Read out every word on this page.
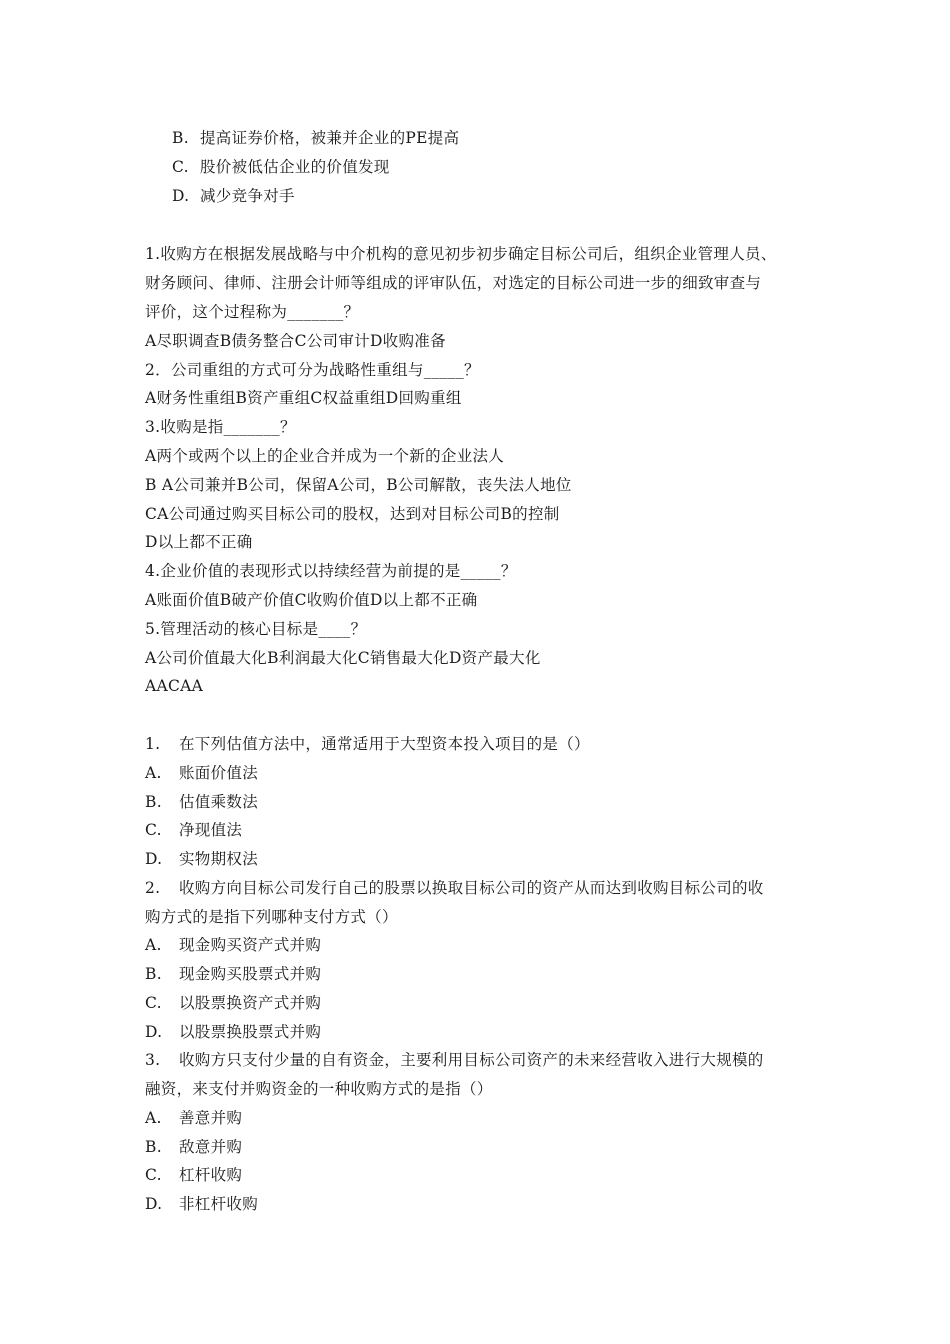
B. 提高证券价格，被兼并企业的PE提高
C. 股价被低估企业的价值发现
D. 减少竞争对手
1.收购方在根据发展战略与中介机构的意见初步初步确定目标公司后，组织企业管理人员、
财务顾问、律师、注册会计师等组成的评审队伍，对选定的目标公司进一步的细致审查与
评价，这个过程称为_______？
A尽职调查B债务整合C公司审计D收购准备
2．公司重组的方式可分为战略性重组与_____？
A财务性重组B资产重组C权益重组D回购重组
3.收购是指_______？
A两个或两个以上的企业合并成为一个新的企业法人
B A公司兼并B公司，保留A公司，B公司解散，丧失法人地位
CA公司通过购买目标公司的股权，达到对目标公司B的控制
D以上都不正确
4.企业价值的表现形式以持续经营为前提的是_____？
A账面价值B破产价值C收购价值D以上都不正确
5.管理活动的核心目标是____？
A公司价值最大化B利润最大化C销售最大化D资产最大化
AACAA
1. 在下列估值方法中，通常适用于大型资本投入项目的是（）
A. 账面价值法
B. 估值乘数法
C. 净现值法
D. 实物期权法
2. 收购方向目标公司发行自己的股票以换取目标公司的资产从而达到收购目标公司的收
购方式的是指下列哪种支付方式（）
A. 现金购买资产式并购
B. 现金购买股票式并购
C. 以股票换资产式并购
D. 以股票换股票式并购
3. 收购方只支付少量的自有资金，主要利用目标公司资产的未来经营收入进行大规模的
融资，来支付并购资金的一种收购方式的是指（）
A. 善意并购
B. 敌意并购
C. 杠杆收购
D. 非杠杆收购
